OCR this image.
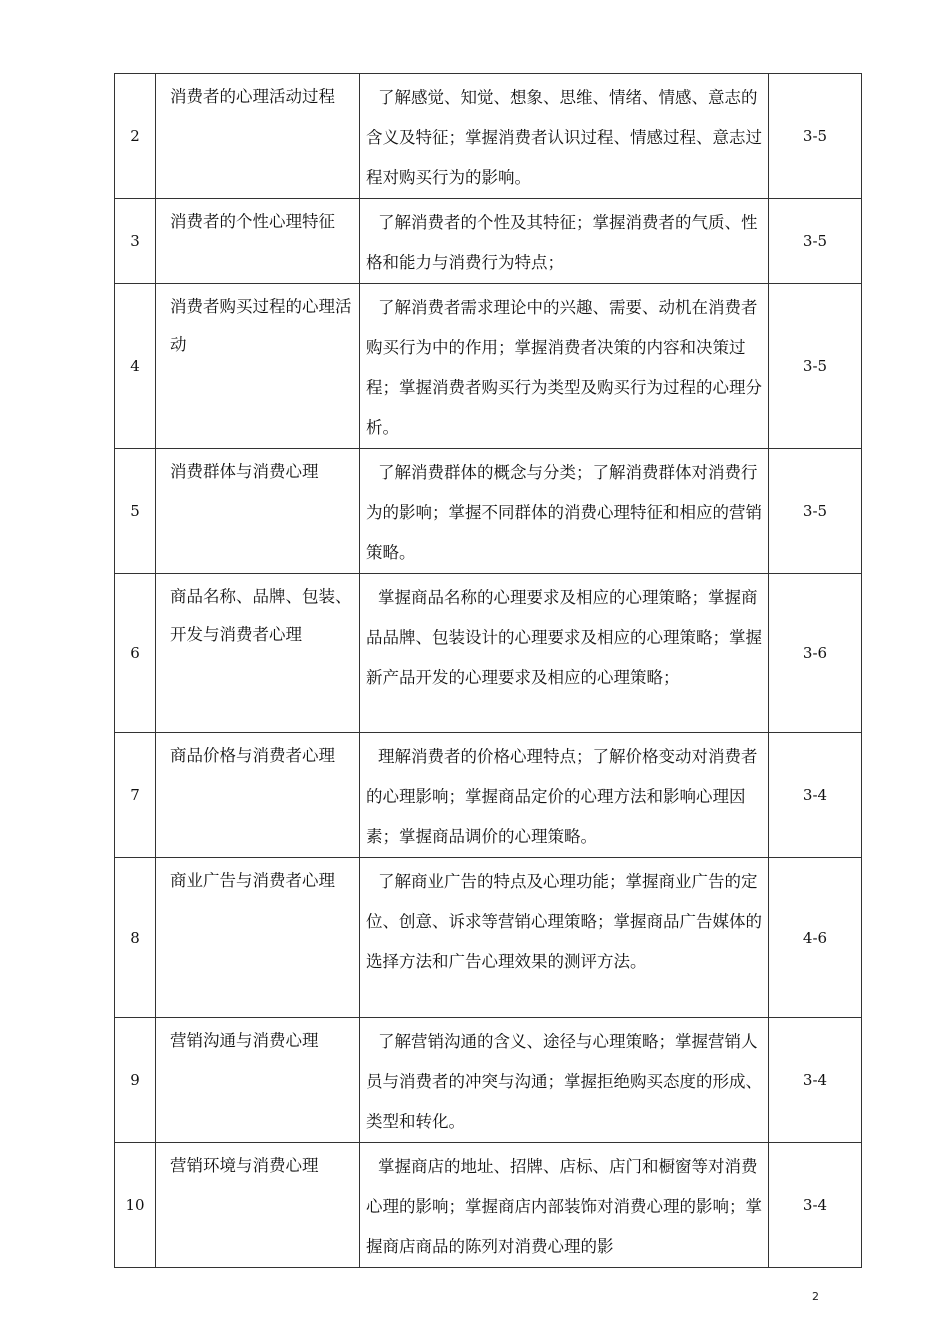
2	消费者的心理活动过程	了解感觉、知觉、想象、思维、情绪、情感、意志的含义及特征；掌握消费者认识过程、情感过程、意志过程对购买行为的影响。	3-5
3	消费者的个性心理特征	了解消费者的个性及其特征；掌握消费者的气质、性格和能力与消费行为特点；	3-5
4	消费者购买过程的心理活动	了解消费者需求理论中的兴趣、需要、动机在消费者购买行为中的作用；掌握消费者决策的内容和决策过程；掌握消费者购买行为类型及购买行为过程的心理分析。	3-5
5	消费群体与消费心理	了解消费群体的概念与分类；了解消费群体对消费行为的影响；掌握不同群体的消费心理特征和相应的营销策略。	3-5
6	商品名称、品牌、包装、开发与消费者心理	掌握商品名称的心理要求及相应的心理策略；掌握商品品牌、包装设计的心理要求及相应的心理策略；掌握新产品开发的心理要求及相应的心理策略；	3-6
7	商品价格与消费者心理	理解消费者的价格心理特点；了解价格变动对消费者的心理影响；掌握商品定价的心理方法和影响心理因素；掌握商品调价的心理策略。	3-4
8	商业广告与消费者心理	了解商业广告的特点及心理功能；掌握商业广告的定位、创意、诉求等营销心理策略；掌握商品广告媒体的选择方法和广告心理效果的测评方法。	4-6
9	营销沟通与消费心理	了解营销沟通的含义、途径与心理策略；掌握营销人员与消费者的冲突与沟通；掌握拒绝购买态度的形成、类型和转化。	3-4
10	营销环境与消费心理	掌握商店的地址、招牌、店标、店门和橱窗等对消费心理的影响；掌握商店内部装饰对消费心理的影响；掌握商店商品的陈列对消费心理的影	3-4
2
